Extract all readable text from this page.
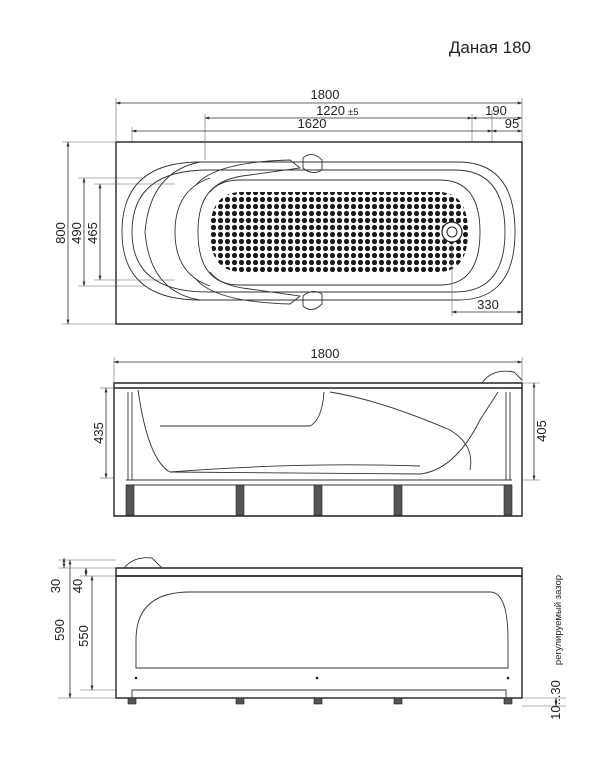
Даная 180
1800
1220 ±5
1620
190
95
330
800 490 465
1800
435	405
30
590
40
550
10...30
регулируемый зазор
